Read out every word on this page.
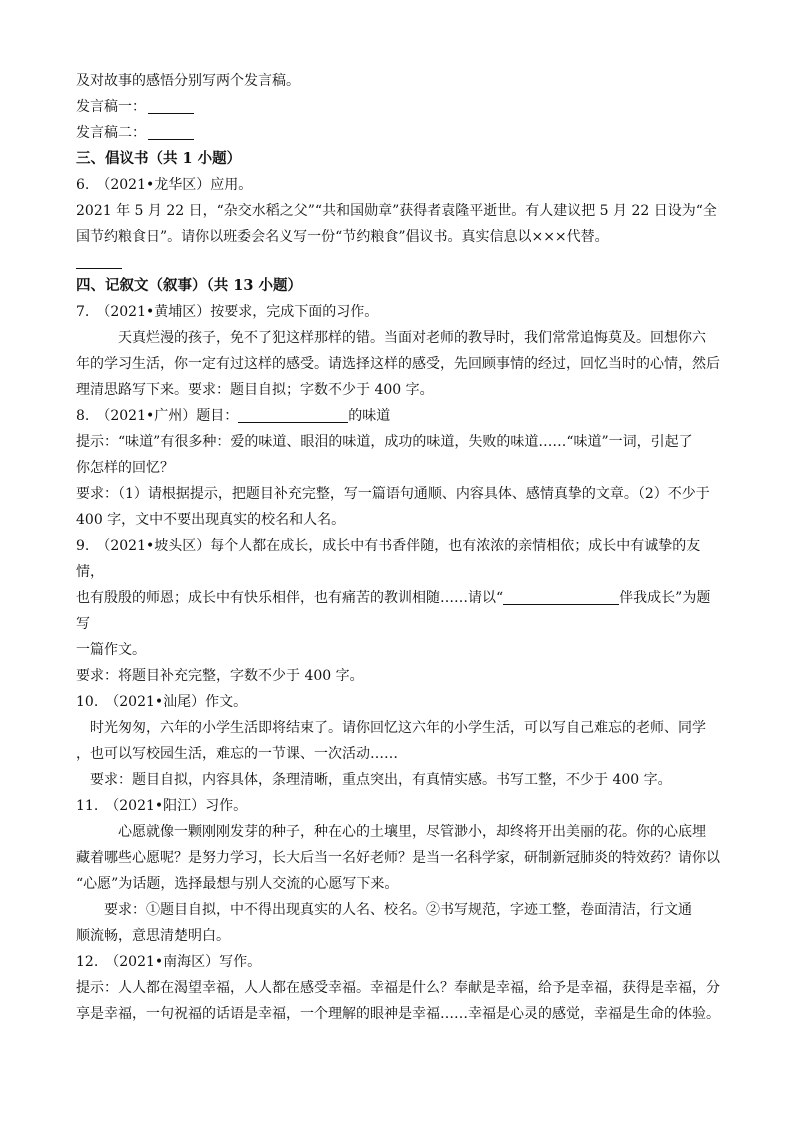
及对故事的感悟分别写两个发言稿。

发言稿一：

发言稿二：

三、倡议书（共 1 小题）

6.　（2021•龙华区）应用。

2021 年 5 月 22 日，“杂交水稻之父”“共和国勋章”获得者袁隆平逝世。有人建议把 5 月 22 日设为“全

国节约粮食日”。请你以班委会名义写一份“节约粮食”倡议书。真实信息以×××代替。

四、记叙文（叙事）（共 13 小题）

7.　（2021•黄埔区）按要求，完成下面的习作。

天真烂漫的孩子，免不了犯这样那样的错。当面对老师的教导时，我们常常追悔莫及。回想你六

年的学习生活，你一定有过这样的感受。请选择这样的感受，先回顾事情的经过，回忆当时的心情，然后

理清思路写下来。要求：题目自拟；字数不少于 400 字。

8.　（2021•广州）题目：	的味道

提示：“味道”有很多种：爱的味道、眼泪的味道，成功的味道，失败的味道……“味道”一词，引起了

你怎样的回忆？

要求：（1）请根据提示，把题目补充完整，写一篇语句通顺、内容具体、感情真挚的文章。（2）不少于

400 字，文中不要出现真实的校名和人名。

9.　（2021•坡头区）每个人都在成长，成长中有书香伴随，也有浓浓的亲情相依；成长中有诚挚的友情，

也有殷殷的师恩；成长中有快乐相伴，也有痛苦的教训相随……请以“	伴我成长”为题写

一篇作文。

要求：将题目补充完整，字数不少于 400 字。

10.　（2021•汕尾）作文。

时光匆匆，六年的小学生活即将结束了。请你回忆这六年的小学生活，可以写自己难忘的老师、同学

，也可以写校园生活，难忘的一节课、一次活动……

要求：题目自拟，内容具体，条理清晰，重点突出，有真情实感。书写工整，不少于 400 字。

11.　（2021•阳江）习作。

心愿就像一颗刚刚发芽的种子，种在心的土壤里，尽管渺小，却终将开出美丽的花。你的心底埋

藏着哪些心愿呢？是努力学习，长大后当一名好老师？是当一名科学家，研制新冠肺炎的特效药？请你以

“心愿”为话题，选择最想与别人交流的心愿写下来。

要求：①题目自拟，中不得出现真实的人名、校名。②书写规范，字迹工整，卷面清洁，行文通

顺流畅，意思清楚明白。

12.　（2021•南海区）写作。

提示：人人都在渴望幸福，人人都在感受幸福。幸福是什么？奉献是幸福，给予是幸福，获得是幸福，分

享是幸福，一句祝福的话语是幸福，一个理解的眼神是幸福……幸福是心灵的感觉，幸福是生命的体验。
